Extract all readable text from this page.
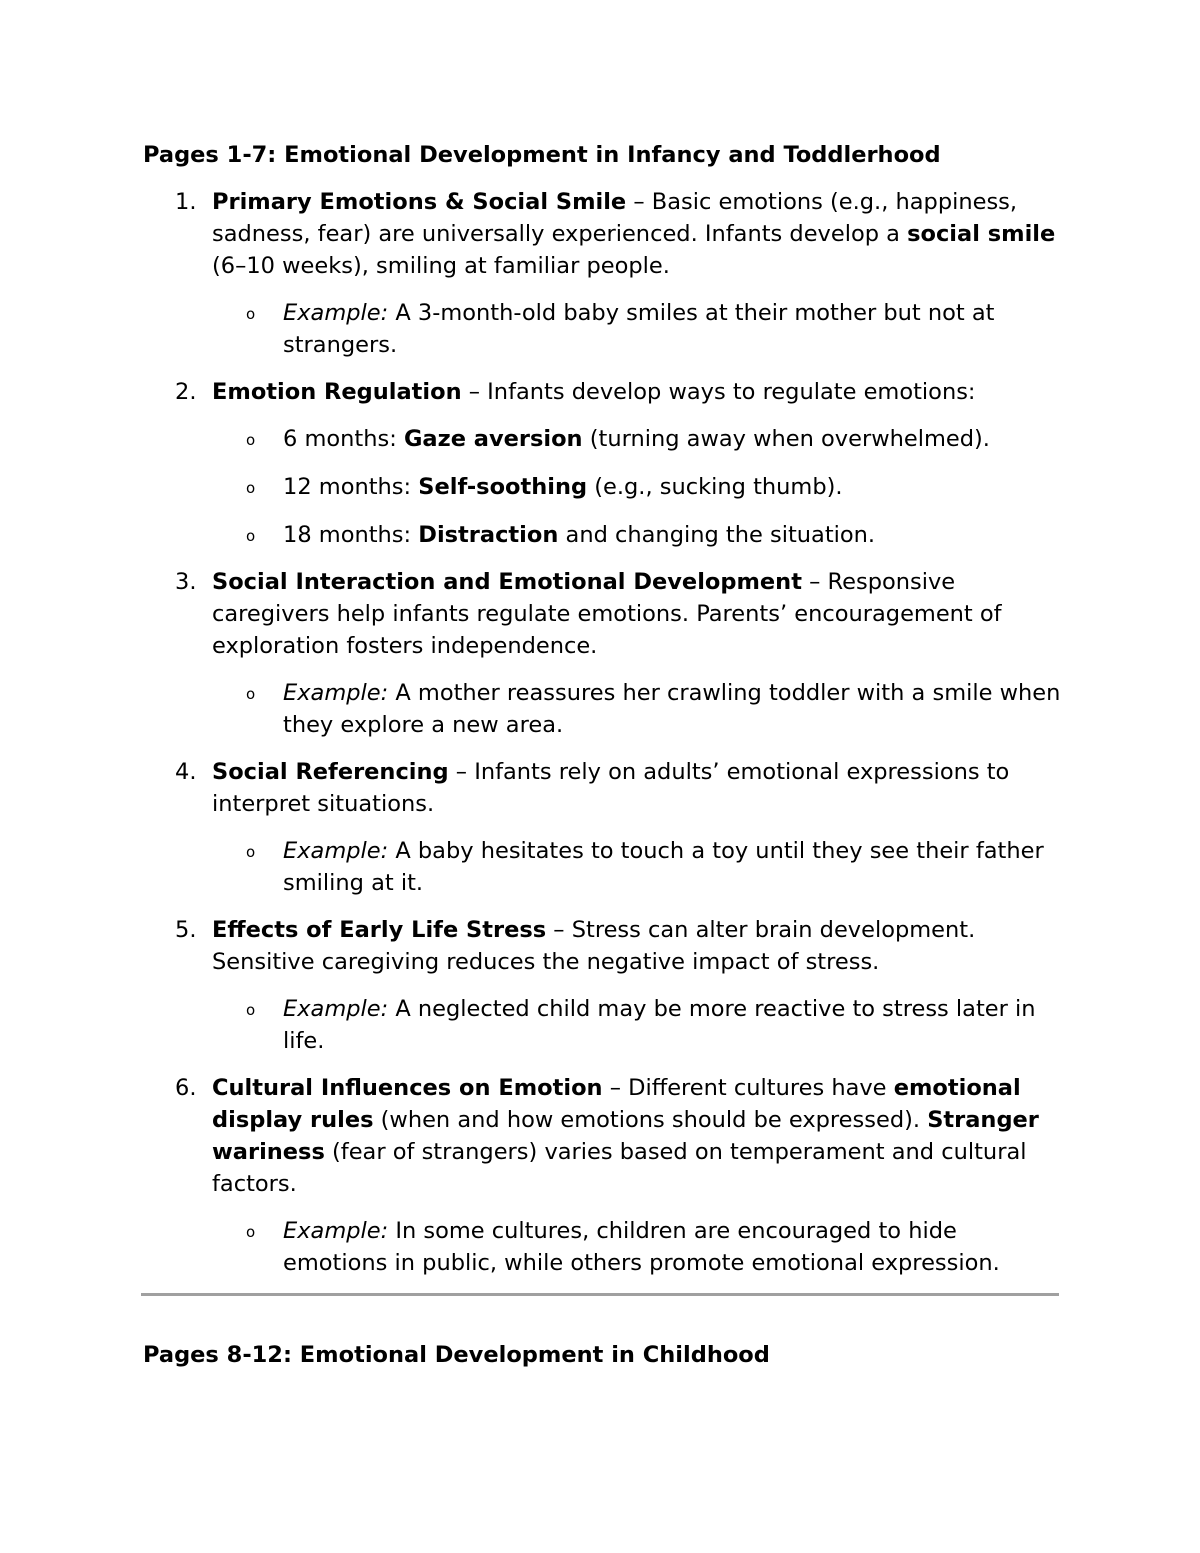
Pages 1-7: Emotional Development in Infancy and Toddlerhood
1. Primary Emotions & Social Smile – Basic emotions (e.g., happiness, sadness, fear) are universally experienced. Infants develop a social smile (6–10 weeks), smiling at familiar people.

o Example: A 3-month-old baby smiles at their mother but not at strangers.
2. Emotion Regulation – Infants develop ways to regulate emotions:

o 6 months: Gaze aversion (turning away when overwhelmed).
o 12 months: Self-soothing (e.g., sucking thumb).
o 18 months: Distraction and changing the situation.
3. Social Interaction and Emotional Development – Responsive caregivers help infants regulate emotions. Parents’ encouragement of exploration fosters independence.

o Example: A mother reassures her crawling toddler with a smile when they explore a new area.
4. Social Referencing – Infants rely on adults’ emotional expressions to interpret situations.

o Example: A baby hesitates to touch a toy until they see their father smiling at it.
5. Effects of Early Life Stress – Stress can alter brain development. Sensitive caregiving reduces the negative impact of stress.

o Example: A neglected child may be more reactive to stress later in life.
6. Cultural Influences on Emotion – Different cultures have emotional display rules (when and how emotions should be expressed). Stranger wariness (fear of strangers) varies based on temperament and cultural factors.

o Example: In some cultures, children are encouraged to hide emotions in public, while others promote emotional expression.
Pages 8-12: Emotional Development in Childhood
